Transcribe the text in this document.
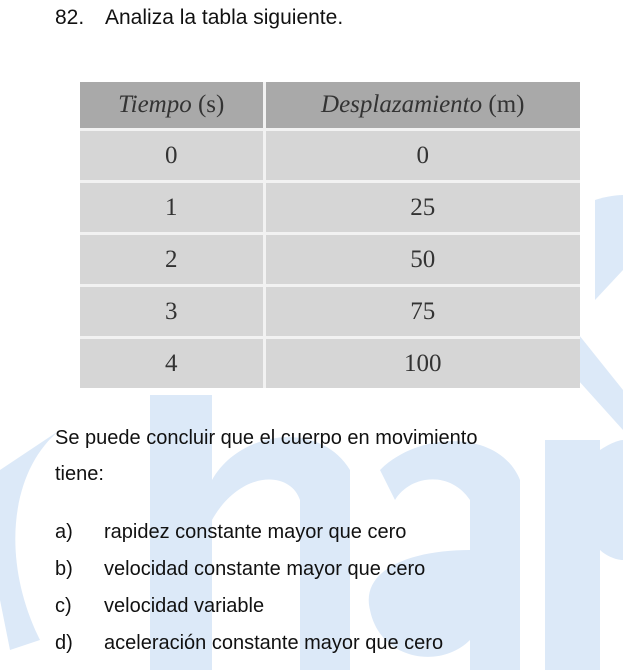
82. Analiza la tabla siguiente.
Tiempo (s)	Desplazamiento (m)
0	0
1	25
2	50
3	75
4	100
Se puede concluir que el cuerpo en movimiento tiene:
a) rapidez constante mayor que cero
b) velocidad constante mayor que cero
c) velocidad variable
d) aceleración constante mayor que cero
